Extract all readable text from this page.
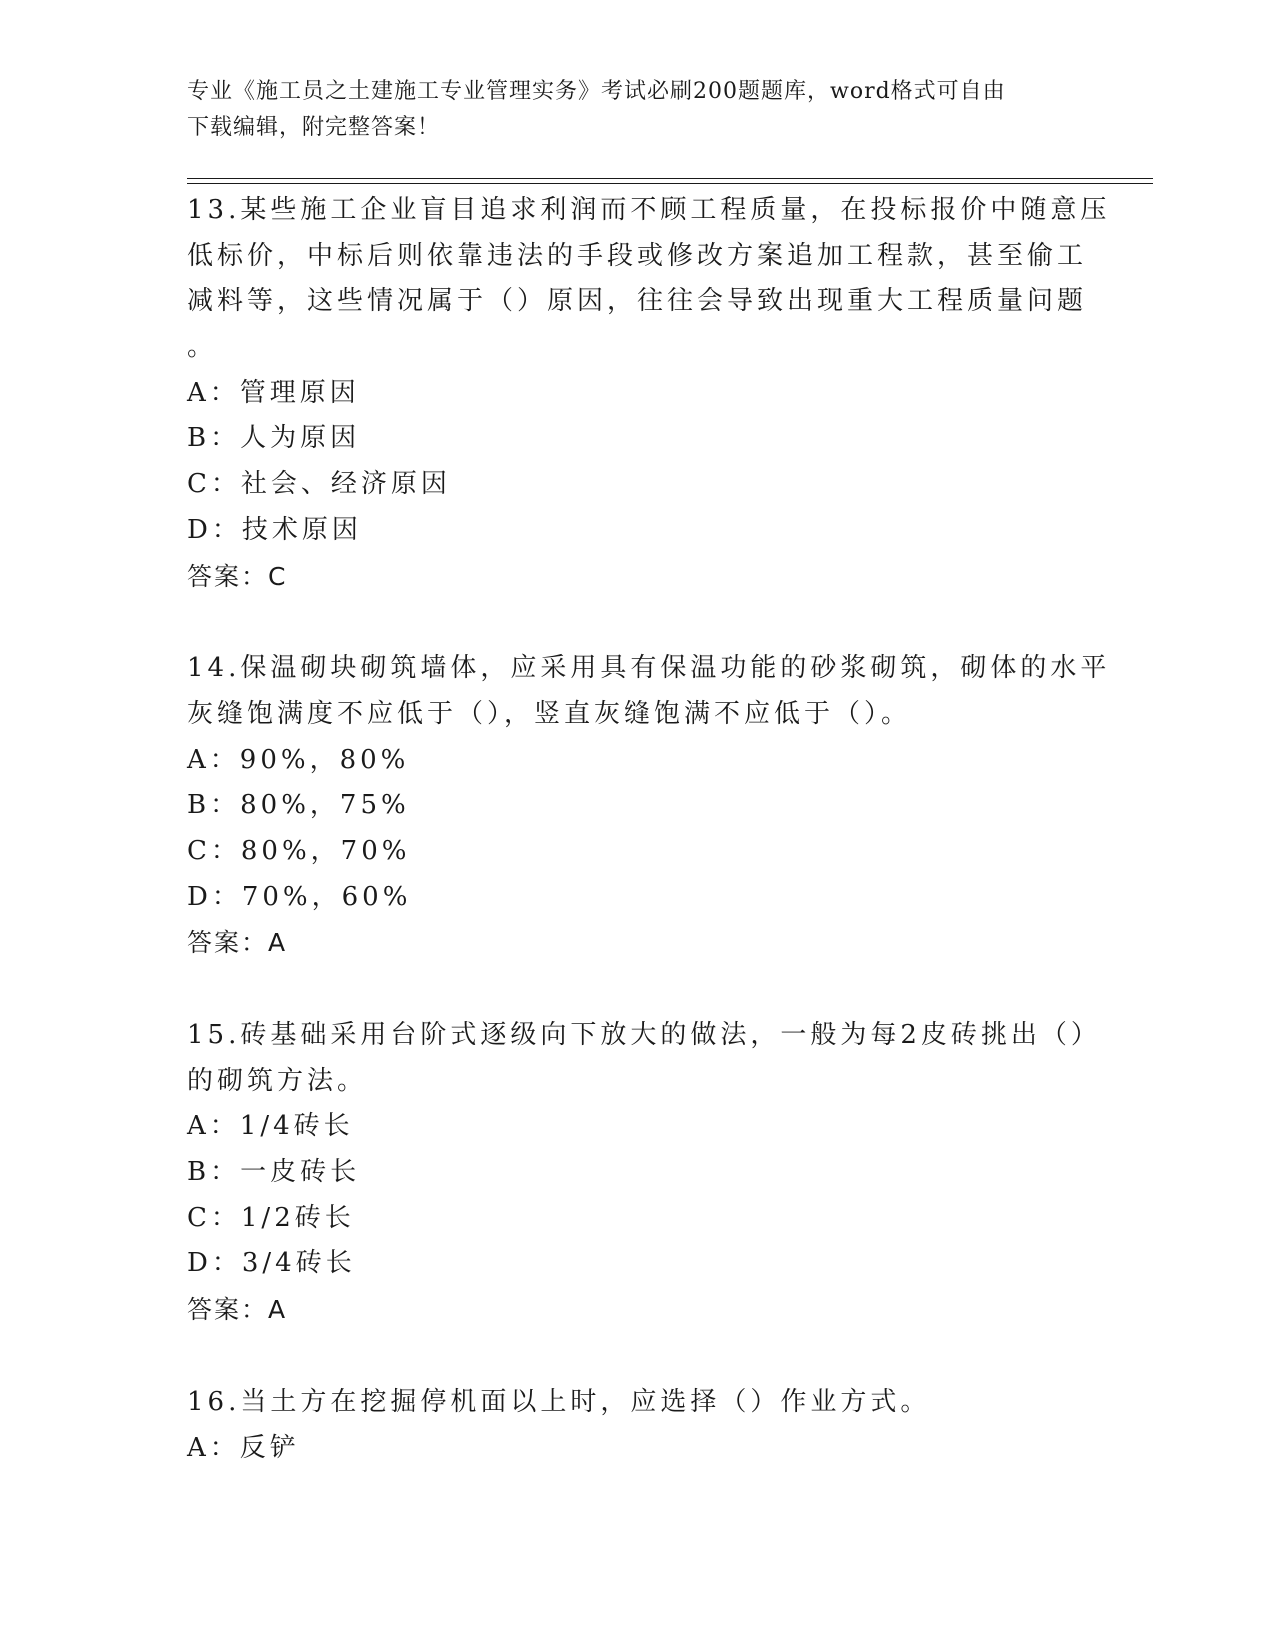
专业《施工员之土建施工专业管理实务》考试必刷200题题库，word格式可自由
下载编辑，附完整答案！
13.某些施工企业盲目追求利润而不顾工程质量，在投标报价中随意压
低标价，中标后则依靠违法的手段或修改方案追加工程款，甚至偷工
减料等，这些情况属于（）原因，往往会导致出现重大工程质量问题
。
A：管理原因
B：人为原因
C：社会、经济原因
D：技术原因
答案：C
14.保温砌块砌筑墙体，应采用具有保温功能的砂浆砌筑，砌体的水平
灰缝饱满度不应低于（），竖直灰缝饱满不应低于（）。
A：90%，80%
B：80%，75%
C：80%，70%
D：70%，60%
答案：A
15.砖基础采用台阶式逐级向下放大的做法，一般为每2皮砖挑出（）
的砌筑方法。
A：1/4砖长
B：一皮砖长
C：1/2砖长
D：3/4砖长
答案：A
16.当土方在挖掘停机面以上时，应选择（）作业方式。
A：反铲
